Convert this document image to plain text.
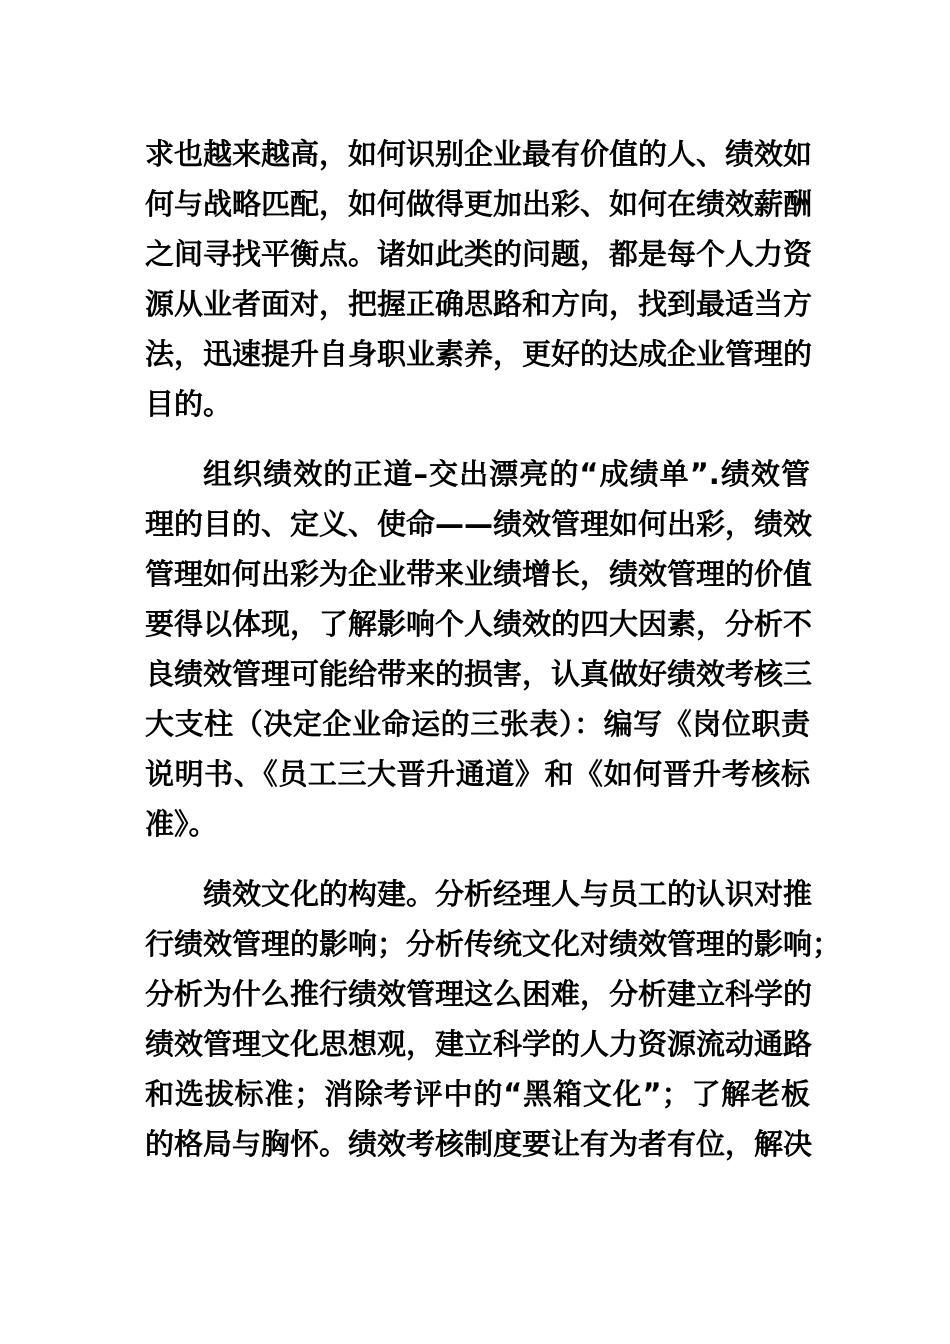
求也越来越高，如何识别企业最有价值的人、绩效如
何与战略匹配，如何做得更加出彩、如何在绩效薪酬
之间寻找平衡点。诸如此类的问题，都是每个人力资
源从业者面对，把握正确思路和方向，找到最适当方
法，迅速提升自身职业素养，更好的达成企业管理的
目的。
组织绩效的正道–交出漂亮的“成绩单”.绩效管
理的目的、定义、使命——绩效管理如何出彩，绩效
管理如何出彩为企业带来业绩增长，绩效管理的价值
要得以体现，了解影响个人绩效的四大因素，分析不
良绩效管理可能给带来的损害，认真做好绩效考核三
大支柱（决定企业命运的三张表）：编写《岗位职责
说明书、《员工三大晋升通道》和《如何晋升考核标
准》。
绩效文化的构建。分析经理人与员工的认识对推
行绩效管理的影响；分析传统文化对绩效管理的影响；
分析为什么推行绩效管理这么困难，分析建立科学的
绩效管理文化思想观，建立科学的人力资源流动通路
和选拔标准；消除考评中的“黑箱文化”；了解老板
的格局与胸怀。绩效考核制度要让有为者有位，解决
